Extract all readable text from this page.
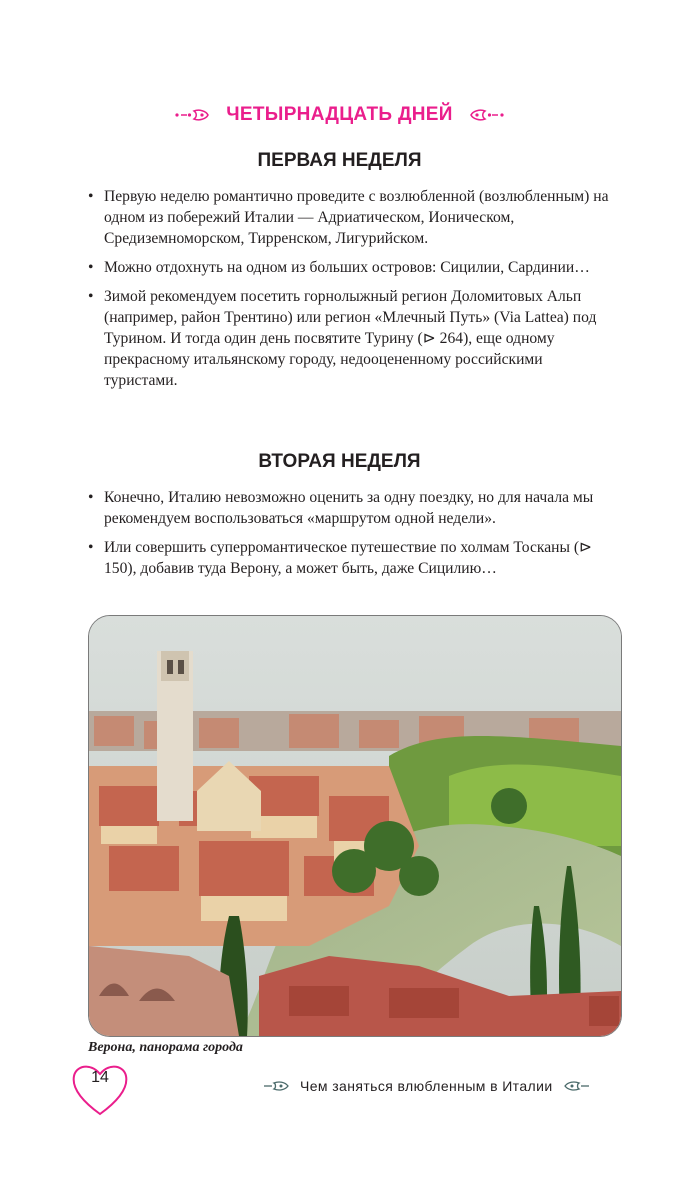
ЧЕТЫРНАДЦАТЬ ДНЕЙ
ПЕРВАЯ НЕДЕЛЯ
• Первую неделю романтично проведите с возлюбленной (возлюбленным) на одном из побережий Италии — Адриатическом, Ионическом, Средиземноморском, Тирренском, Лигурийском.
• Можно отдохнуть на одном из больших островов: Сицилии, Сардинии…
• Зимой рекомендуем посетить горнолыжный регион Доломитовых Альп (например, район Трентино) или регион «Млечный Путь» (Via Lattea) под Турином. И тогда один день посвятите Турину (⊳ 264), еще одному прекрасному итальянскому городу, недооцененному российскими туристами.
ВТОРАЯ НЕДЕЛЯ
• Конечно, Италию невозможно оценить за одну поездку, но для начала мы рекомендуем воспользоваться «маршрутом одной недели».
• Или совершить суперромантическое путешествие по холмам Тосканы (⊳ 150), добавив туда Верону, а может быть, даже Сицилию…
Верона, панорама города
14	Чем заняться влюбленным в Италии
